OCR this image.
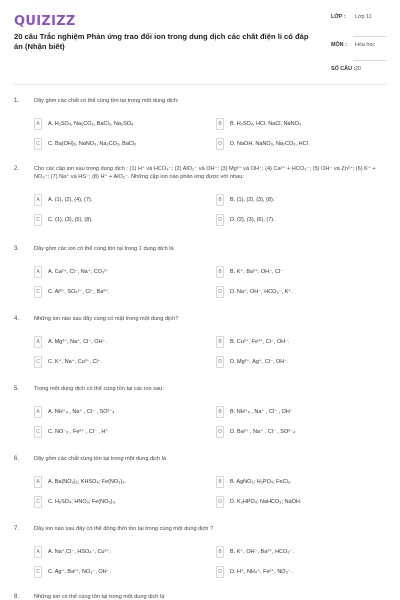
QUIZIZZ
20 câu Trắc nghiệm Phản ứng trao đổi ion trong dung dịch các chất điện li có đáp án (Nhận biết)
LỚP : Lớp 11
MÔN : Hóa học
SỐ CÂU : 20
1.	Dãy gồm các chất có thể cùng tồn tại trong một dung dịch:
A	A. H₂SO₄, Na₂CO₃, BaCl₂, Na₂SO₄	B	B. H₂SO₄, HCl, NaCl, NaNO₃
C	C. Ba(OH)₂, NaNO₃, Na₂CO₃, BaCl₂	D	D. NaOH, NaNO₃, Na₂CO₃, HCl
2.	Cho các cặp ion sau trong dung dịch : (1) H⁺ và HCO₃⁻; (2) AlO₂⁻ và OH⁻; (3) Mg²⁺ và OH⁻; (4) Ca²⁺ + HCO₃⁻; (5) OH⁻ và Zn²⁺; (6) K⁺ + NO₃⁻; (7) Na⁺ và HS⁻; (8) H⁺ + AlO₂⁻. Những cặp ion nào phản ứng được với nhau:
A	A. (1), (2), (4), (7).	B	B. (1), (2), (3), (8).
C	C. (1), (3), (5), (8).	D	D. (2), (3), (6), (7).
3.	Dãy gồm các ion có thể cùng tồn tại trong 1 dung dịch là
A	A. Ca²⁺, Cl⁻, Na⁺, CO₃²⁻	B	B. K⁺, Ba²⁺, OH⁻, Cl⁻
C	C. Al³⁺, SO₄²⁻, Cl⁻, Ba²⁺.	D	D. Na⁺, OH⁻, HCO₃⁻, K⁺.
4.	Những ion nào sau đây cùng có mặt trong một dung dịch?
A	A. Mg²⁺, Na⁺, Cl⁻, OH⁻.	B	B. Cu²⁺, Fe³⁺, Cl⁻, OH⁻.
C	C. K⁺, Na⁺, Cu²⁺, Cl⁻.	D	D. Mg²⁺, Ag⁺, Cl⁻, OH⁻.
5.	Trong một dung dịch có thể cùng tồn tại các ion sau:
A	A. NH⁺₄ , Na⁺ , Cl⁻ , SO²⁻₄	B	B. NH⁺₄ , Na⁺ , Cl⁻ , OH⁻
C	C. NO⁻₃ , Fe²⁺ , Cl⁻ , H⁺	D	D. Ba²⁺ , Na⁺ , Cl⁻ , SO²⁻₄
6.	Dãy gồm các chất cùng tồn tại trong một dung dịch là
A	A. Ba(NO₃)₂; KHSO₄; Fe(NO₃)₂.	B	B. AgNO₃; H₃PO₄; FeCl₃.
C	C. H₂SO₄; HNO₃; Fe(NO₃)₃.	D	D. K₂HPO₄; NaHCO₃; NaOH.
7.	Dãy ion nào sau đây có thể đồng thời tồn tại trong cùng một dung dịch ?
A	A. Na⁺,Cl⁻, HSO₄⁻, Cu²⁺.	B	B. K⁺, OH⁻, Ba²⁺, HCO₃⁻.
C	C. Ag⁺, Ba²⁺, NO₃⁻, OH⁻.	D	D. H⁺, NH₄⁺, Fe²⁺, NO₃⁻.
8.	Những ion có thể cùng tồn tại trong một dung dịch là
